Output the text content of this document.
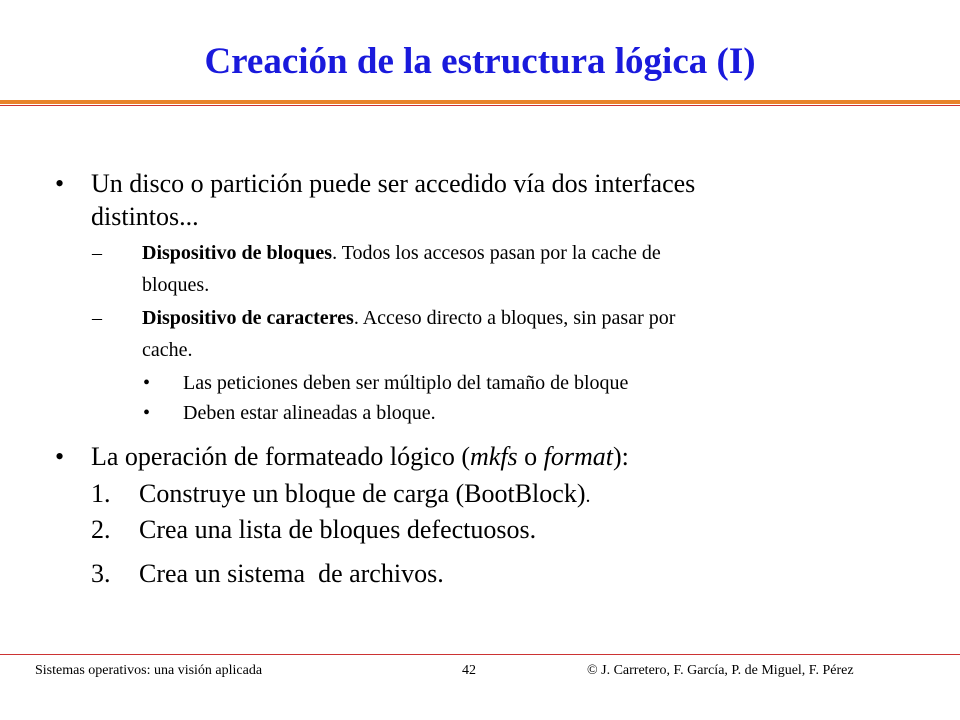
Creación de la estructura lógica (I)
• Un disco o partición puede ser accedido vía dos interfaces
distintos...
– Dispositivo de bloques. Todos los accesos pasan por la cache de
bloques.
– Dispositivo de caracteres. Acceso directo a bloques, sin pasar por
cache.
• Las peticiones deben ser múltiplo del tamaño de bloque
• Deben estar alineadas a bloque.
• La operación de formateado lógico (mkfs o format):
1. Construye un bloque de carga (BootBlock).
2. Crea una lista de bloques defectuosos.
3. Crea un sistema  de archivos.
Sistemas operativos: una visión aplicada	42	© J. Carretero, F. García, P. de Miguel, F. Pérez
